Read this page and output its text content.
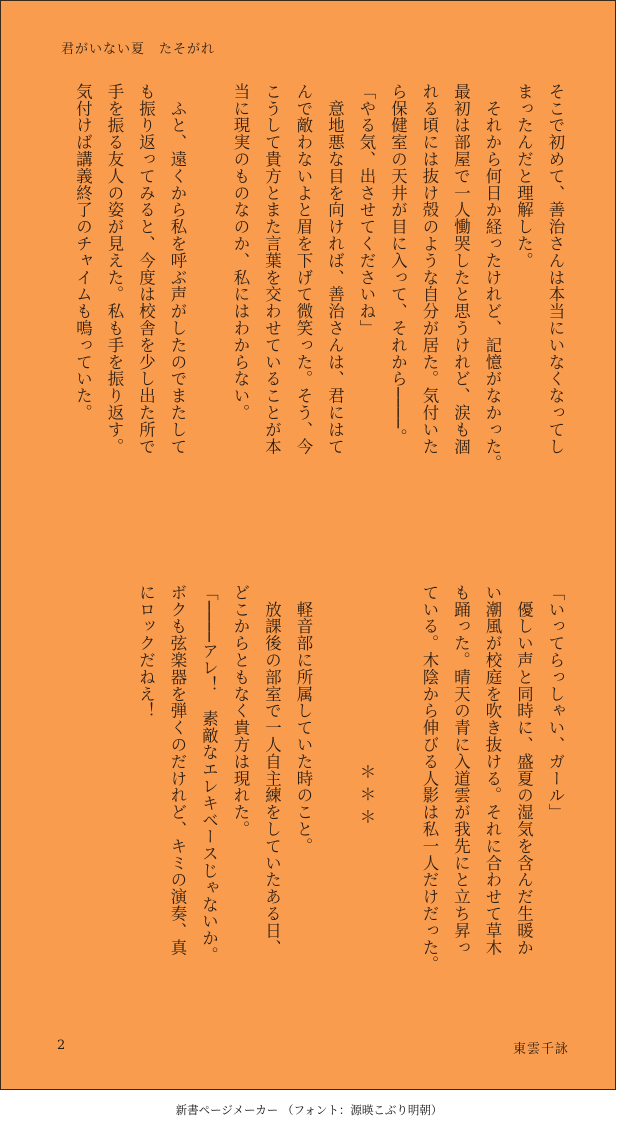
君がいない夏　たそがれ

そこで初めて、善治さんは本当にいなくなってし

まったんだと理解した。

　それから何日か経ったけれど、記憶がなかった。

最初は部屋で一人慟哭したと思うけれど、涙も涸

れる頃には抜け殻のような自分が居た。気付いた

ら保健室の天井が目に入って、それから────。

「やる気、出させてくださいね」

　意地悪な目を向ければ、善治さんは、君にはて

んで敵わないよと眉を下げて微笑った。そう、今

こうして貴方とまた言葉を交わせていることが本

当に現実のものなのか、私にはわからない。

　ふと、遠くから私を呼ぶ声がしたのでまたして

も振り返ってみると、今度は校舎を少し出た所で

手を振る友人の姿が見えた。私も手を振り返す。

気付けば講義終了のチャイムも鳴っていた。

「いってらっしゃい、ガール」

　優しい声と同時に、盛夏の湿気を含んだ生暖か

い潮風が校庭を吹き抜ける。それに合わせて草木

も踊った。晴天の青に入道雲が我先にと立ち昇っ

ている。木陰から伸びる人影は私一人だけだった。

　　　　　　　　＊＊＊

　軽音部に所属していた時のこと。

　放課後の部室で一人自主練をしていたある日、

どこからともなく貴方は現れた。

「────アレ！　素敵なエレキベースじゃないか。

ボクも弦楽器を弾くのだけれど、キミの演奏、真

にロックだねえ！

2	東雲千詠
新書ページメーカー （フォント：源暎こぶり明朝）
